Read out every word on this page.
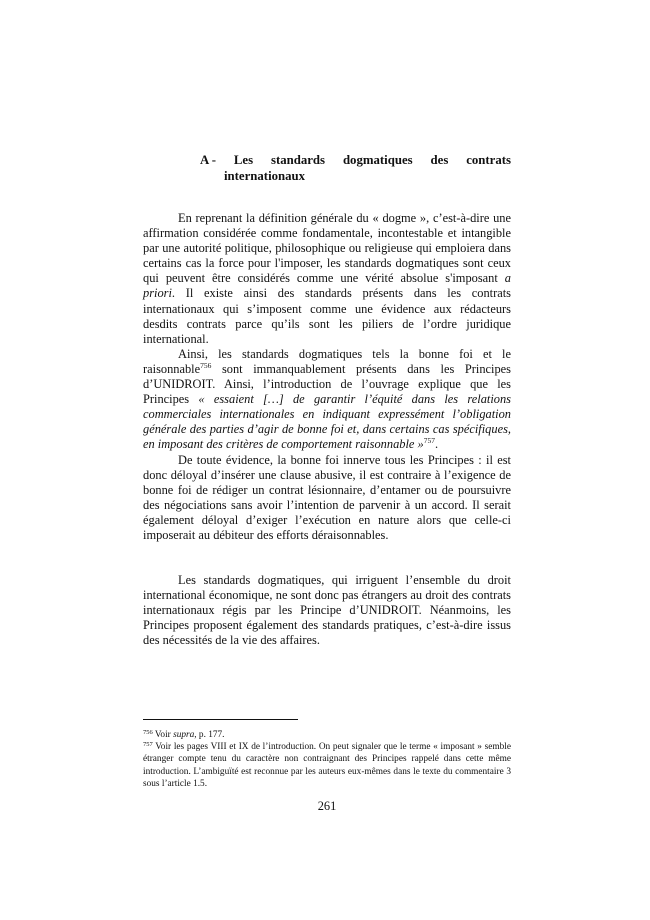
A - Les standards dogmatiques des contrats
internationaux

En reprenant la définition générale du « dogme », c’est-à-dire une affirmation considérée comme fondamentale, incontestable et intangible par une autorité politique, philosophique ou religieuse qui emploiera dans certains cas la force pour l'imposer, les standards dogmatiques sont ceux qui peuvent être considérés comme une vérité absolue s'imposant a priori. Il existe ainsi des standards présents dans les contrats internationaux qui s’imposent comme une évidence aux rédacteurs desdits contrats parce qu’ils sont les piliers de l’ordre juridique international.

Ainsi, les standards dogmatiques tels la bonne foi et le raisonnable$^{756}$ sont immanquablement présents dans les Principes d’UNIDROIT. Ainsi, l’introduction de l’ouvrage explique que les Principes « essaient […] de garantir l’équité dans les relations commerciales internationales en indiquant expressément l’obligation générale des parties d’agir de bonne foi et, dans certains cas spécifiques, en imposant des critères de comportement raisonnable »$^{757}$.

De toute évidence, la bonne foi innerve tous les Principes : il est donc déloyal d’insérer une clause abusive, il est contraire à l’exigence de bonne foi de rédiger un contrat lésionnaire, d’entamer ou de poursuivre des négociations sans avoir l’intention de parvenir à un accord. Il serait également déloyal d’exiger l’exécution en nature alors que celle-ci imposerait au débiteur des efforts déraisonnables.

Les standards dogmatiques, qui irriguent l’ensemble du droit international économique, ne sont donc pas étrangers au droit des contrats internationaux régis par les Principe d’UNIDROIT. Néanmoins, les Principes proposent également des standards pratiques, c’est-à-dire issus des nécessités de la vie des affaires.

$^{756}$ Voir supra, p. 177.

$^{757}$ Voir les pages VIII et IX de l’introduction. On peut signaler que le terme « imposant » semble étranger compte tenu du caractère non contraignant des Principes rappelé dans cette même introduction. L’ambiguïté est reconnue par les auteurs eux-mêmes dans le texte du commentaire 3 sous l’article 1.5.

261
